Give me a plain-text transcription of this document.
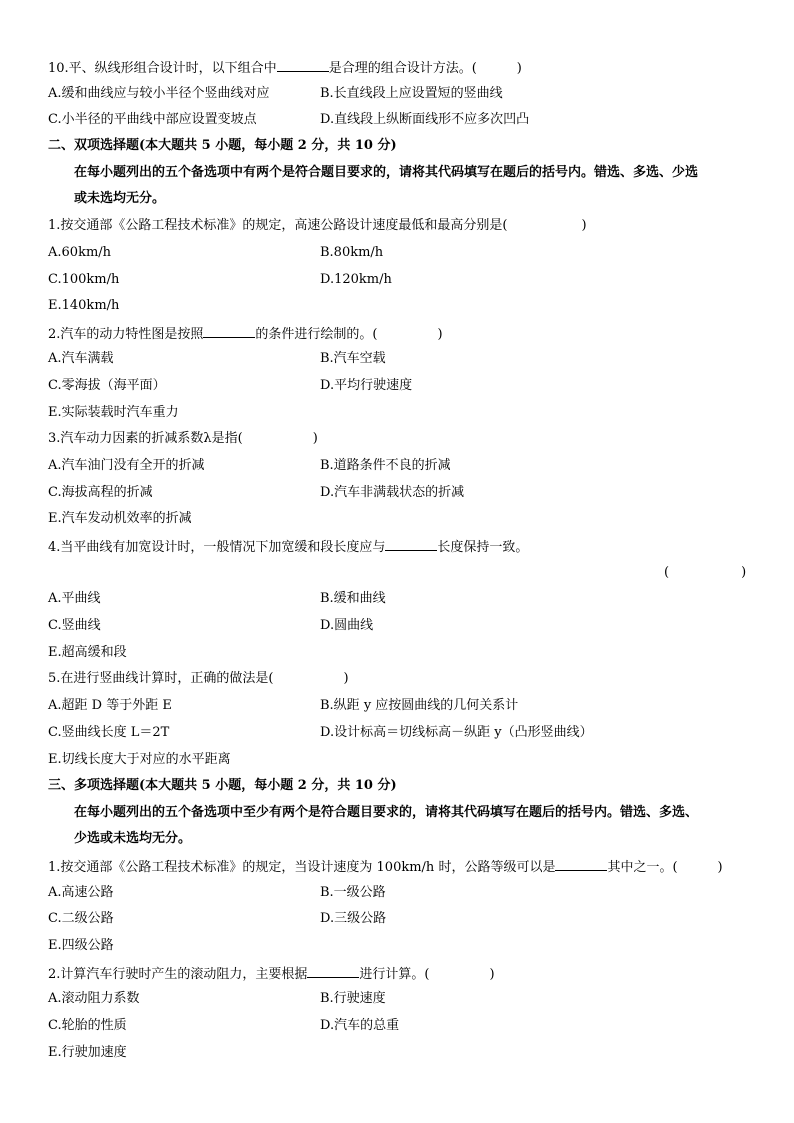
10.平、纵线形组合设计时，以下组合中	是合理的组合设计方法。(	)
A.缓和曲线应与较小半径个竖曲线对应	B.长直线段上应设置短的竖曲线
C.小半径的平曲线中部应设置变坡点	D.直线段上纵断面线形不应多次凹凸
二、双项选择题(本大题共 5 小题，每小题 2 分，共 10 分)
在每小题列出的五个备选项中有两个是符合题目要求的，请将其代码填写在题后的括号内。错选、多选、少选
或未选均无分。
1.按交通部《公路工程技术标准》的规定，高速公路设计速度最低和最高分别是(	)
A.60km/h	B.80km/h
C.100km/h	D.120km/h
E.140km/h
2.汽车的动力特性图是按照	的条件进行绘制的。(	)
A.汽车满载	B.汽车空载
C.零海拔（海平面）	D.平均行驶速度
E.实际装载时汽车重力
3.汽车动力因素的折减系数λ是指(	)
A.汽车油门没有全开的折减	B.道路条件不良的折减
C.海拔高程的折减	D.汽车非满载状态的折减
E.汽车发动机效率的折减
4.当平曲线有加宽设计时，一般情况下加宽缓和段长度应与	长度保持一致。
(	)
A.平曲线	B.缓和曲线
C.竖曲线	D.圆曲线
E.超高缓和段
5.在进行竖曲线计算时，正确的做法是(	)
A.超距 D 等于外距 E	B.纵距 y 应按圆曲线的几何关系计
C.竖曲线长度 L＝2T	D.设计标高＝切线标高－纵距 y（凸形竖曲线）
E.切线长度大于对应的水平距离
三、多项选择题(本大题共 5 小题，每小题 2 分，共 10 分)
在每小题列出的五个备选项中至少有两个是符合题目要求的，请将其代码填写在题后的括号内。错选、多选、
少选或未选均无分。
1.按交通部《公路工程技术标准》的规定，当设计速度为 100km/h 时，公路等级可以是	其中之一。(	)
A.高速公路	B.一级公路
C.二级公路	D.三级公路
E.四级公路
2.计算汽车行驶时产生的滚动阻力，主要根据	进行计算。(	)
A.滚动阻力系数	B.行驶速度
C.轮胎的性质	D.汽车的总重
E.行驶加速度
